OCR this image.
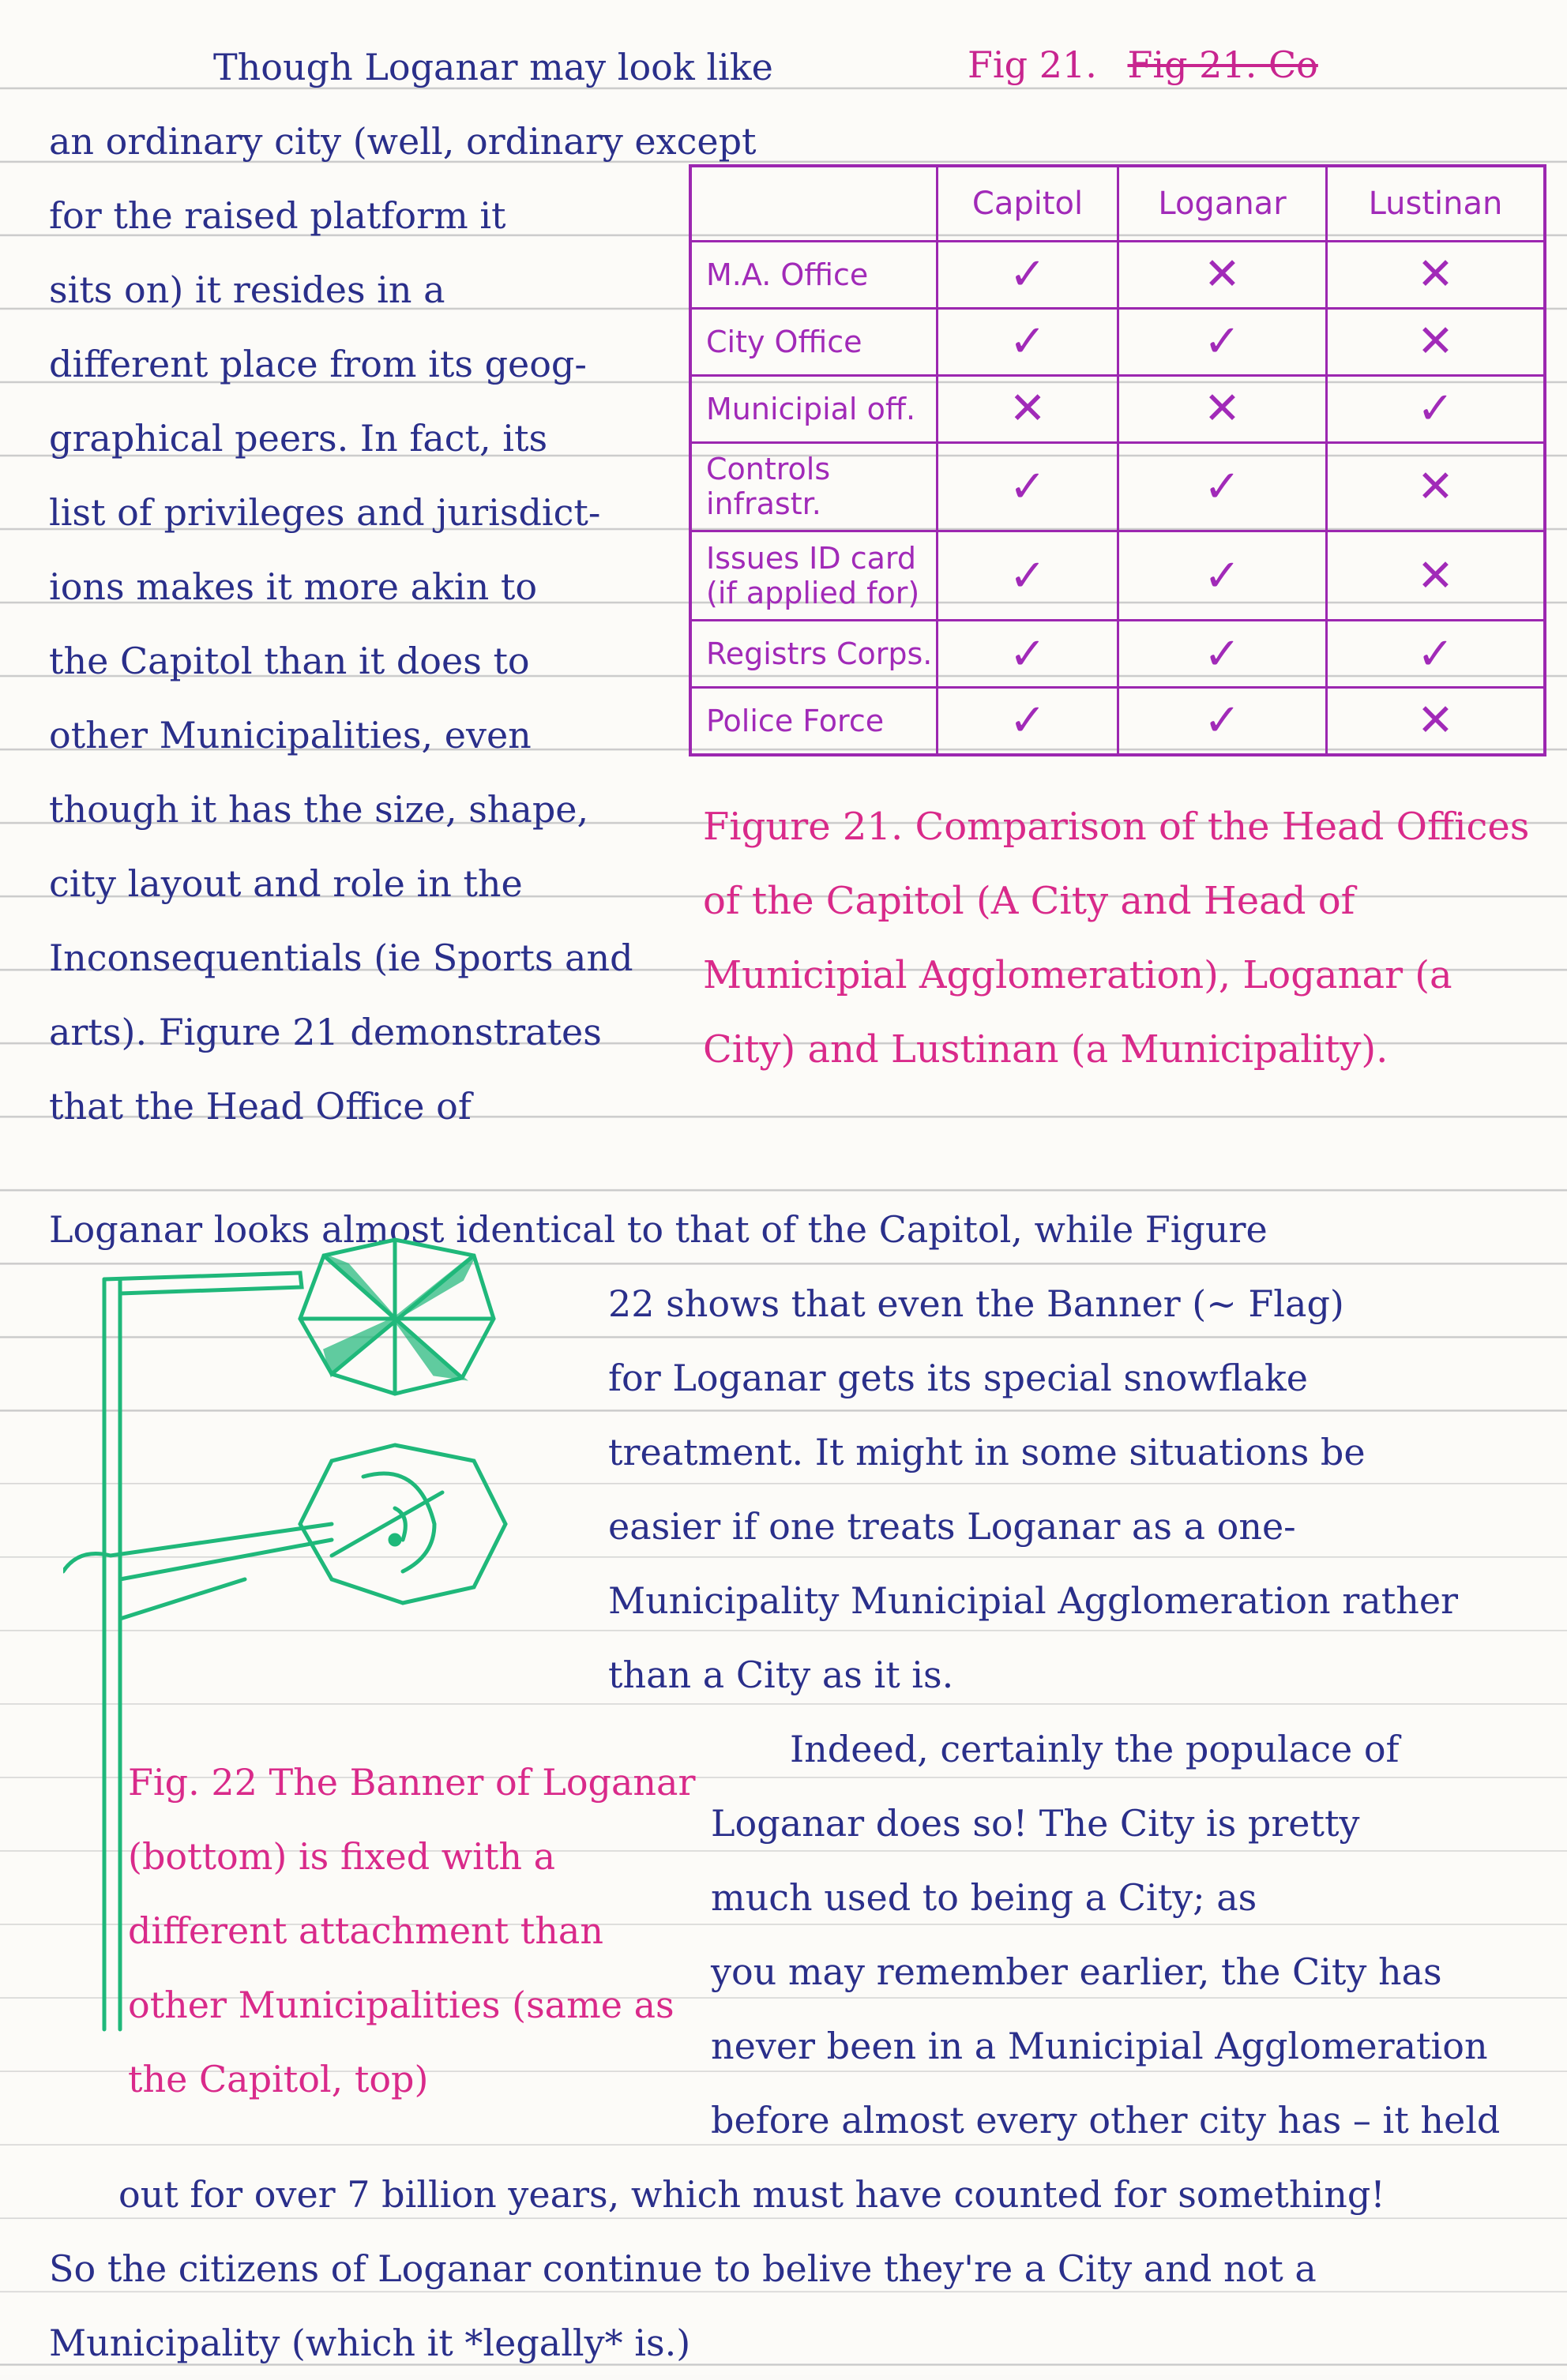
Fig 21. Fig 21. Co
Though Loganar may look like
an ordinary city (well, ordinary except
for the raised platform it
sits on) it resides in a
different place from its geog-
graphical peers. In fact, its
list of privileges and jurisdict-
ions makes it more akin to
the Capitol than it does to
other Municipalities, even
though it has the size, shape,
city layout and role in the
Inconsequentials (ie Sports and
arts). Figure 21 demonstrates
that the Head Office of
	Capitol	Loganar	Lustinan
M.A. Office	✓	✕	✕
City Office	✓	✓	✕
Municipial off.	✕	✕	✓
Controls infrastr.	✓	✓	✕
Issues ID card (if applied for)	✓	✓	✕
Registrs Corps.	✓	✓	✓
Police Force	✓	✓	✕
Figure 21. Comparison of the Head Offices of the Capitol (A City and Head of Municipial Agglomeration), Loganar (a City) and Lustinan (a Municipality).
Loganar looks almost identical to that of the Capitol, while Figure
22 shows that even the Banner (~ Flag)
for Loganar gets its special snowflake
treatment. It might in some situations be
easier if one treats Loganar as a one-
Municipality Municipial Agglomeration rather
than a City as it is.
Indeed, certainly the populace of
Loganar does so! The City is pretty
much used to being a City; as
you may remember earlier, the City has
never been in a Municipial Agglomeration
before almost every other city has – it held
Fig. 22 The Banner of Loganar (bottom) is fixed with a different attachment than other Municipalities (same as the Capitol, top)
out for over 7 billion years, which must have counted for something!
So the citizens of Loganar continue to belive they're a City and not a
Municipality (which it *legally* is.)
